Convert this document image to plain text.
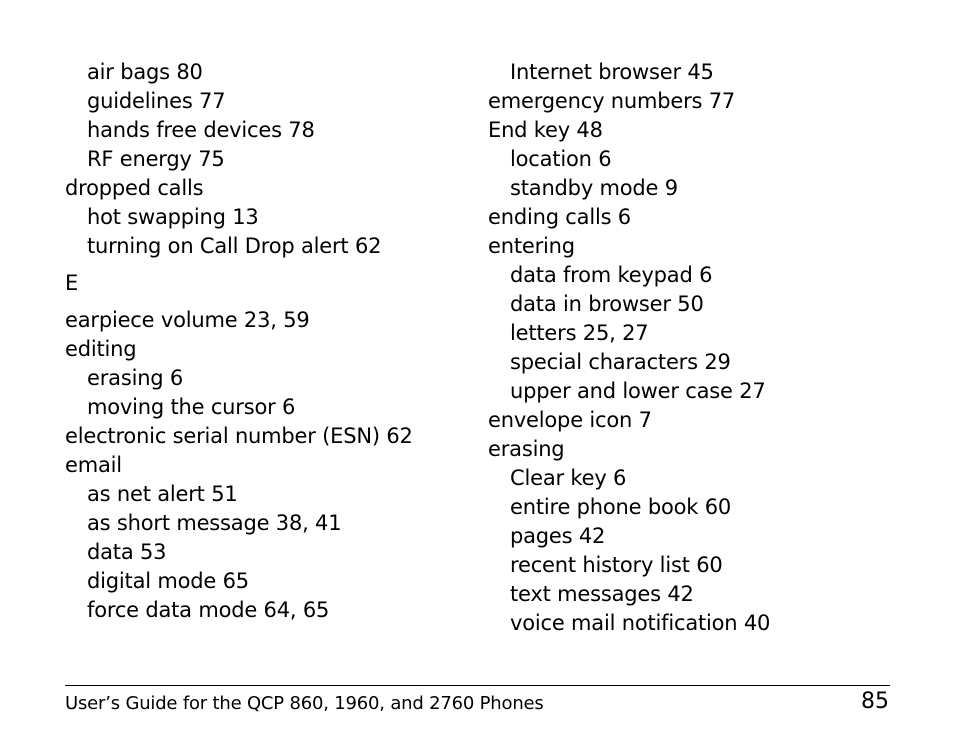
air bags 80
guidelines 77
hands free devices 78
RF energy 75
dropped calls
hot swapping 13
turning on Call Drop alert 62
E
earpiece volume 23, 59
editing
erasing 6
moving the cursor 6
electronic serial number (ESN) 62
email
as net alert 51
as short message 38, 41
data 53
digital mode 65
force data mode 64, 65
Internet browser 45
emergency numbers 77
End key 48
location 6
standby mode 9
ending calls 6
entering
data from keypad 6
data in browser 50
letters 25, 27
special characters 29
upper and lower case 27
envelope icon 7
erasing
Clear key 6
entire phone book 60
pages 42
recent history list 60
text messages 42
voice mail notification 40
User’s Guide for the QCP 860, 1960, and 2760 Phones	85
